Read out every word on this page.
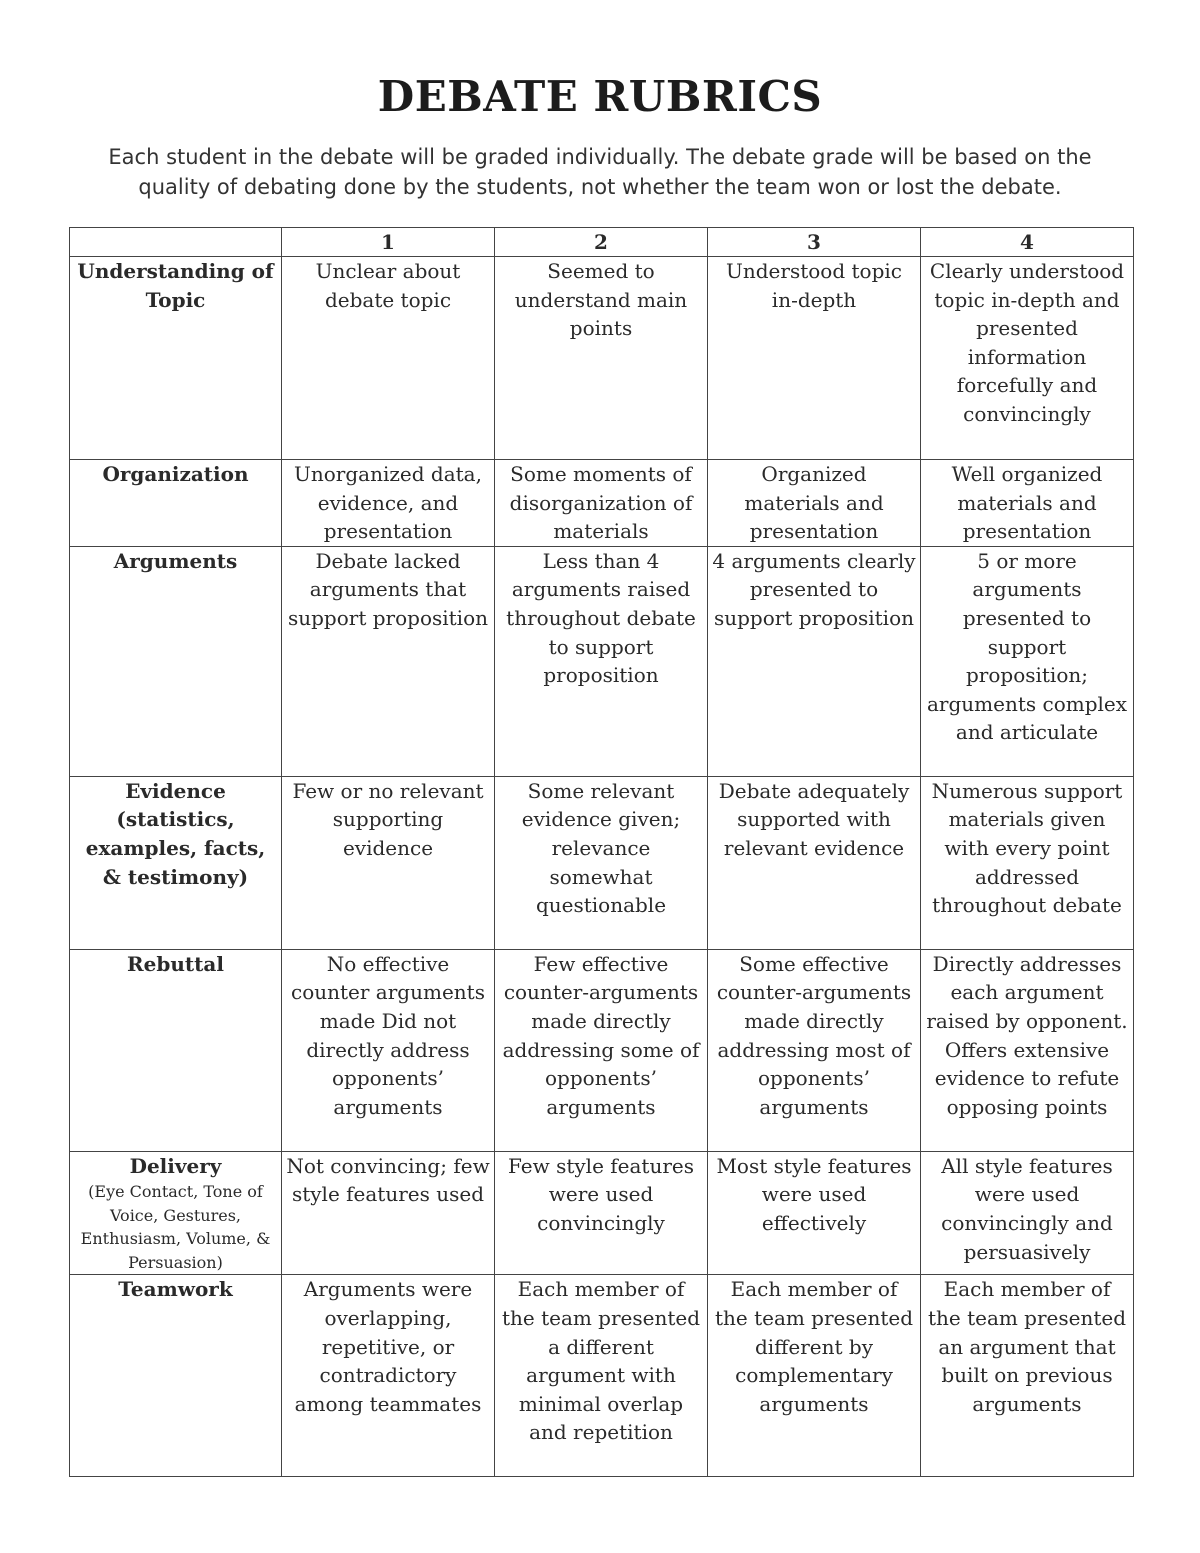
DEBATE RUBRICS
Each student in the debate will be graded individually. The debate grade will be based on the quality of debating done by the students, not whether the team won or lost the debate.
	1	2	3	4

Understanding of Topic	Unclear about debate topic	Seemed to understand main points	Understood topic in-depth	Clearly understood topic in-depth and presented information forcefully and convincingly

Organization	Unorganized data, evidence, and presentation	Some moments of disorganization of materials	Organized materials and presentation	Well organized materials and presentation

Arguments	Debate lacked arguments that support proposition	Less than 4 arguments raised throughout debate to support proposition	4 arguments clearly presented to support proposition	5 or more arguments presented to support proposition; arguments complex and articulate

Evidence (statistics, examples, facts, & testimony)	Few or no relevant supporting evidence	Some relevant evidence given; relevance somewhat questionable	Debate adequately supported with relevant evidence	Numerous support materials given with every point addressed throughout debate

Rebuttal	No effective counter arguments made Did not directly address opponents’ arguments	Few effective counter-arguments made directly addressing some of opponents’ arguments	Some effective counter-arguments made directly addressing most of opponents’ arguments	Directly addresses each argument raised by opponent. Offers extensive evidence to refute opposing points

Delivery
(Eye Contact, Tone of Voice, Gestures, Enthusiasm, Volume, & Persuasion)	Not convincing; few style features used	Few style features were used convincingly	Most style features were used effectively	All style features were used convincingly and persuasively

Teamwork	Arguments were overlapping, repetitive, or contradictory among teammates	Each member of the team presented a different argument with minimal overlap and repetition	Each member of the team presented different by complementary arguments	Each member of the team presented an argument that built on previous arguments
